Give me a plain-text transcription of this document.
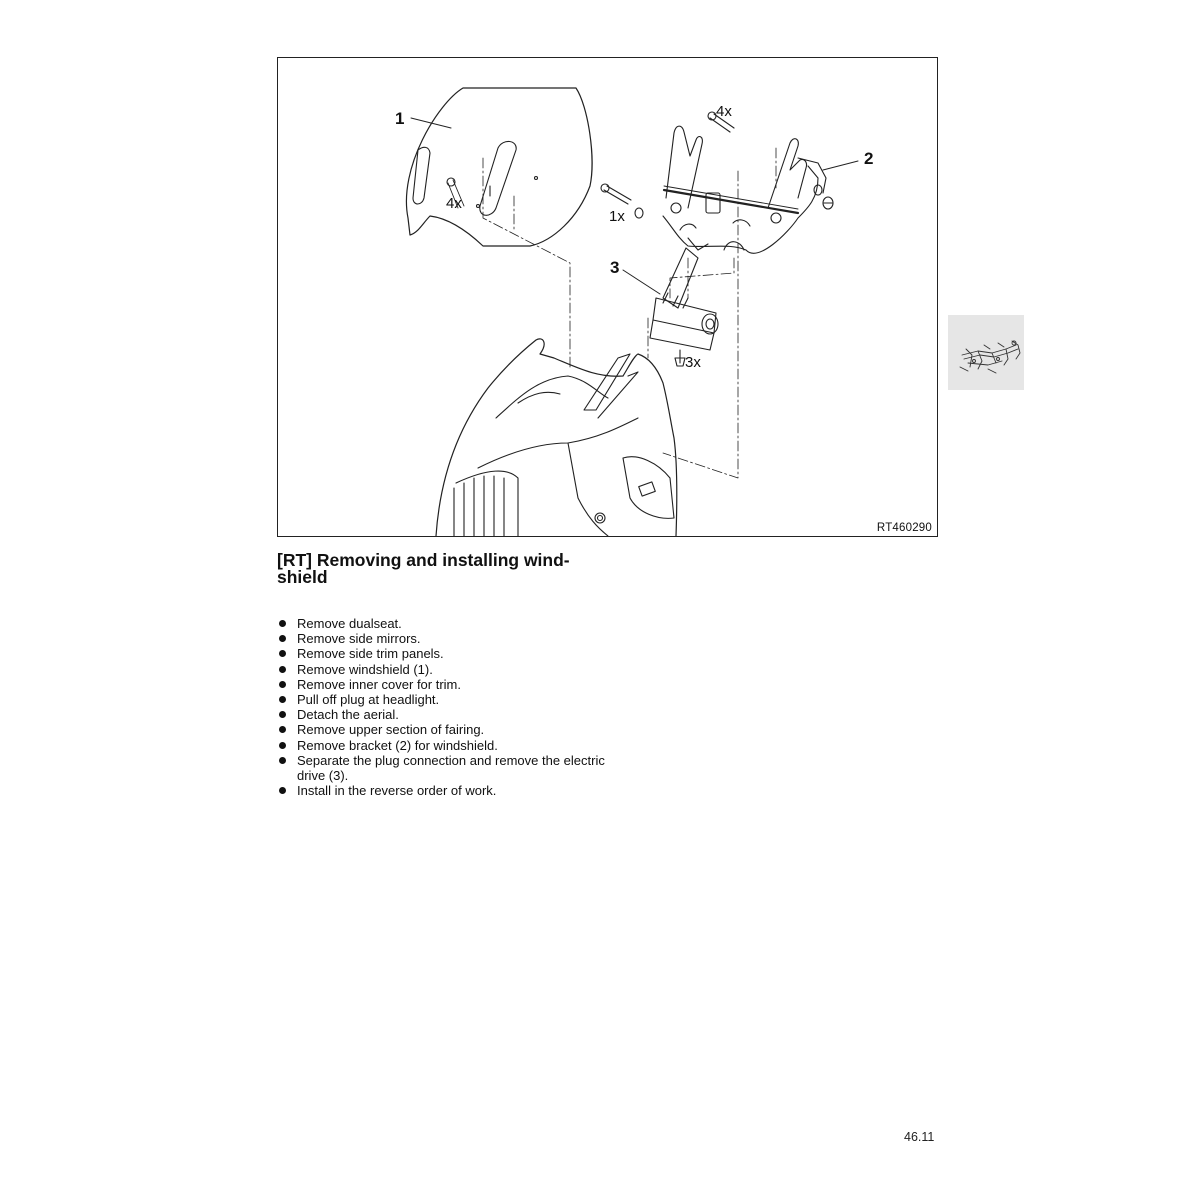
1
2
3
4x
4x
1x
3x
RT460290
[RT] Removing and installing wind-
shield
Remove dualseat.
Remove side mirrors.
Remove side trim panels.
Remove windshield (1).
Remove inner cover for trim.
Pull off plug at headlight.
Detach the aerial.
Remove upper section of fairing.
Remove bracket (2) for windshield.
Separate the plug connection and remove the electric drive (3).
Install in the reverse order of work.
46.11
